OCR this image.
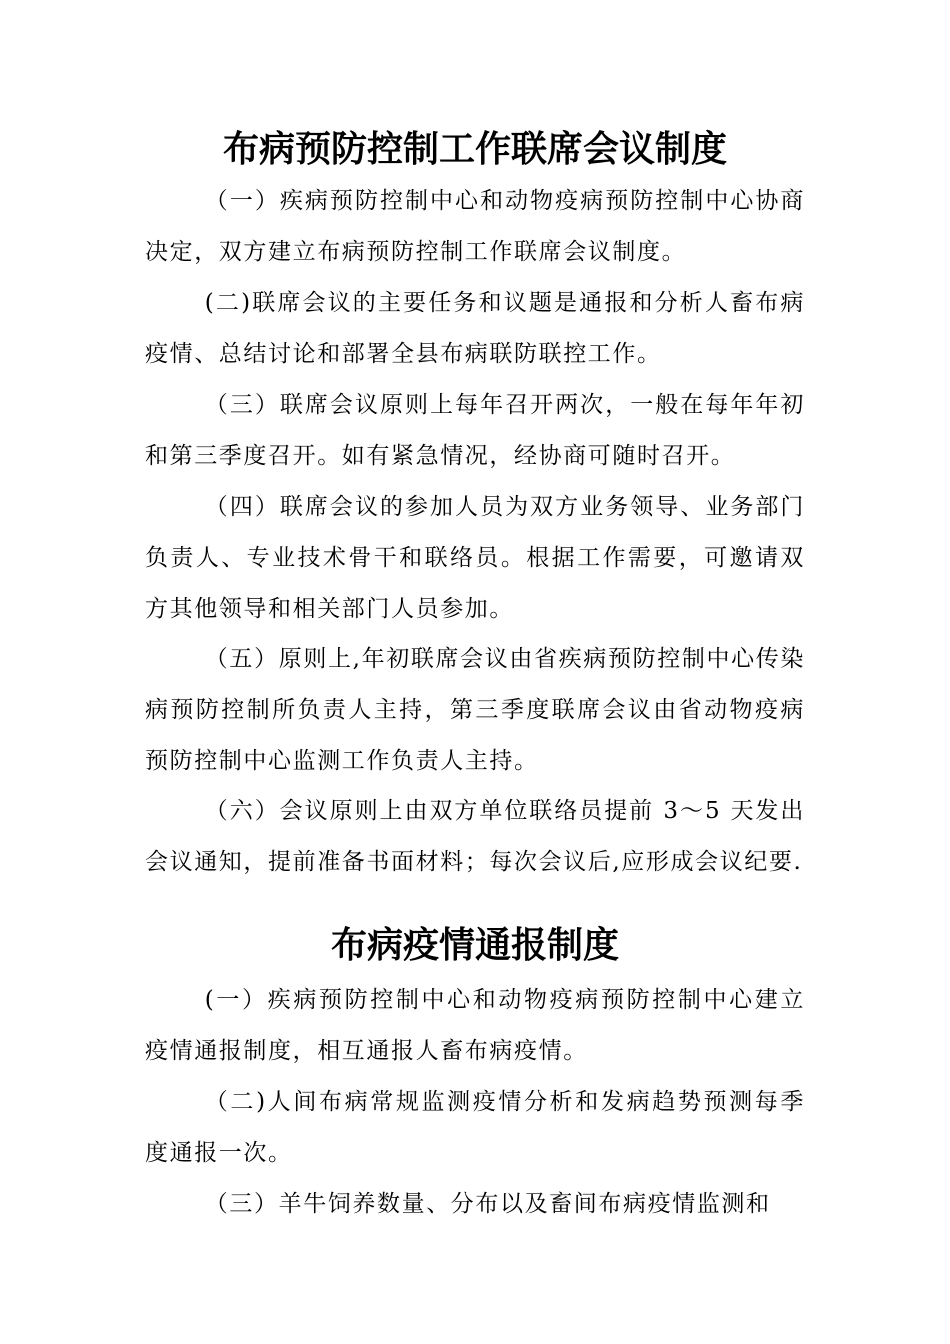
布病预防控制工作联席会议制度

（一）疾病预防控制中心和动物疫病预防控制中心协商决定，双方建立布病预防控制工作联席会议制度。

(二)联席会议的主要任务和议题是通报和分析人畜布病疫情、总结讨论和部署全县布病联防联控工作。

（三）联席会议原则上每年召开两次，一般在每年年初和第三季度召开。如有紧急情况，经协商可随时召开。

（四）联席会议的参加人员为双方业务领导、业务部门负责人、专业技术骨干和联络员。根据工作需要，可邀请双方其他领导和相关部门人员参加。

（五）原则上,年初联席会议由省疾病预防控制中心传染病预防控制所负责人主持，第三季度联席会议由省动物疫病预防控制中心监测工作负责人主持。

（六）会议原则上由双方单位联络员提前 3～5 天发出会议通知，提前准备书面材料；每次会议后,应形成会议纪要.

布病疫情通报制度

(一）疾病预防控制中心和动物疫病预防控制中心建立疫情通报制度，相互通报人畜布病疫情。

（二)人间布病常规监测疫情分析和发病趋势预测每季度通报一次。

（三）羊牛饲养数量、分布以及畜间布病疫情监测和
